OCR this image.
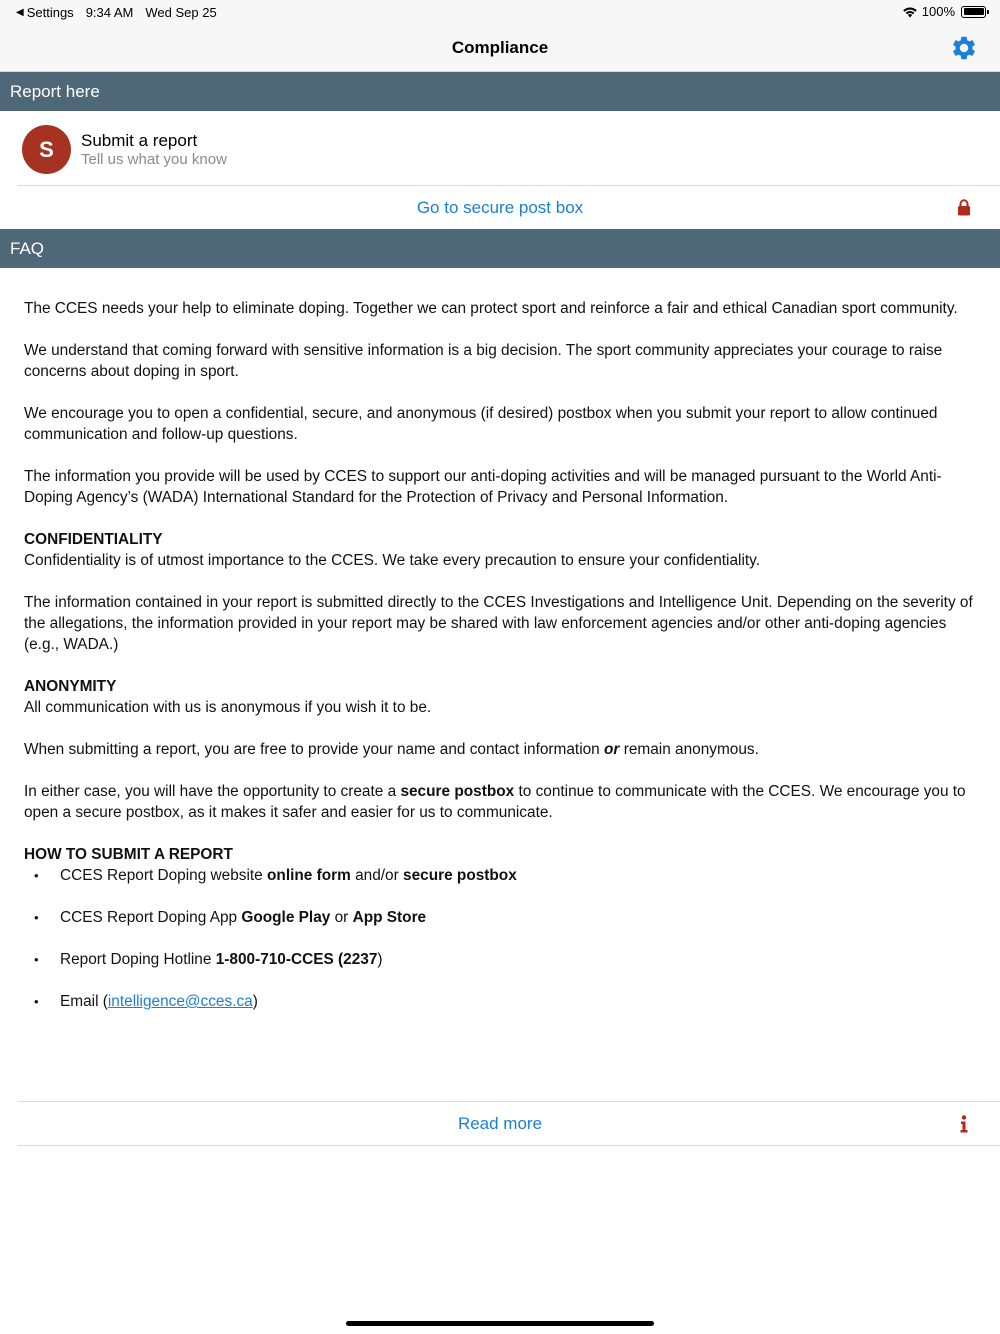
◀ Settings 9:34 AM Wed Sep 25	100%
Compliance
Report here
S	Submit a report
Tell us what you know
Go to secure post box
FAQ

The CCES needs your help to eliminate doping. Together we can protect sport and reinforce a fair and ethical Canadian sport community.

We understand that coming forward with sensitive information is a big decision. The sport community appreciates your courage to raise concerns about doping in sport.

We encourage you to open a confidential, secure, and anonymous (if desired) postbox when you submit your report to allow continued communication and follow-up questions.

The information you provide will be used by CCES to support our anti-doping activities and will be managed pursuant to the World Anti-Doping Agency’s (WADA) International Standard for the Protection of Privacy and Personal Information.

CONFIDENTIALITY

Confidentiality is of utmost importance to the CCES. We take every precaution to ensure your confidentiality.

The information contained in your report is submitted directly to the CCES Investigations and Intelligence Unit. Depending on the severity of the allegations, the information provided in your report may be shared with law enforcement agencies and/or other anti-doping agencies (e.g., WADA.)

ANONYMITY

All communication with us is anonymous if you wish it to be.

When submitting a report, you are free to provide your name and contact information or remain anonymous.

In either case, you will have the opportunity to create a secure postbox to continue to communicate with the CCES. We encourage you to open a secure postbox, as it makes it safer and easier for us to communicate.

HOW TO SUBMIT A REPORT

• CCES Report Doping website online form and/or secure postbox
• CCES Report Doping App Google Play or App Store
• Report Doping Hotline 1-800-710-CCES (2237)
• Email (intelligence@cces.ca)
Read more
